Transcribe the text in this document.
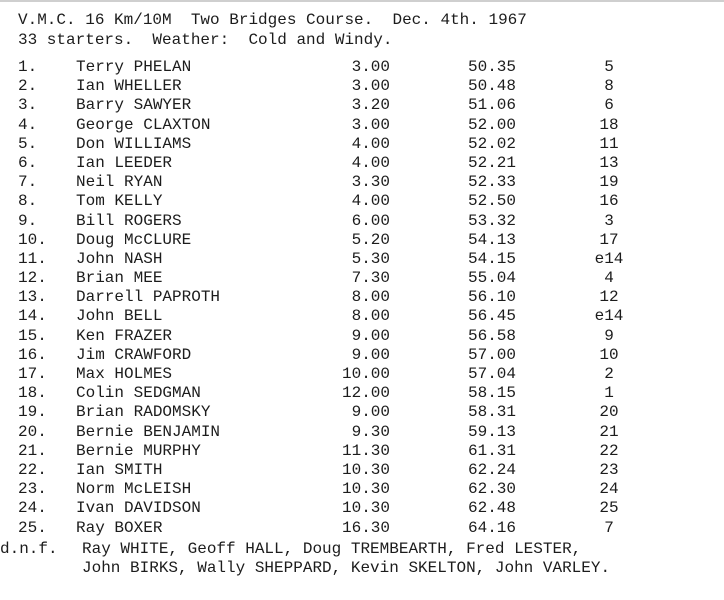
V.M.C. 16 Km/10M  Two Bridges Course.  Dec. 4th. 1967
33 starters.  Weather:  Cold and Windy.
1. Terry PHELAN	3.00	50.35	5
2. Ian WHELLER	3.00	50.48	8
3. Barry SAWYER	3.20	51.06	6
4. George CLAXTON	3.00	52.00	18
5. Don WILLIAMS	4.00	52.02	11
6. Ian LEEDER	4.00	52.21	13
7. Neil RYAN	3.30	52.33	19
8. Tom KELLY	4.00	52.50	16
9. Bill ROGERS	6.00	53.32	3
10. Doug McCLURE	5.20	54.13	17
11. John NASH	5.30	54.15	e14
12. Brian MEE	7.30	55.04	4
13. Darrell PAPROTH	8.00	56.10	12
14. John BELL	8.00	56.45	e14
15. Ken FRAZER	9.00	56.58	9
16. Jim CRAWFORD	9.00	57.00	10
17. Max HOLMES	10.00	57.04	2
18. Colin SEDGMAN	12.00	58.15	1
19. Brian RADOMSKY	9.00	58.31	20
20. Bernie BENJAMIN	9.30	59.13	21
21. Bernie MURPHY	11.30	61.31	22
22. Ian SMITH	10.30	62.24	23
23. Norm McLEISH	10.30	62.30	24
24. Ivan DAVIDSON	10.30	62.48	25
25. Ray BOXER	16.30	64.16	7
d.n.f. Ray WHITE, Geoff HALL, Doug TREMBEARTH, Fred LESTER,
John BIRKS, Wally SHEPPARD, Kevin SKELTON, John VARLEY.
